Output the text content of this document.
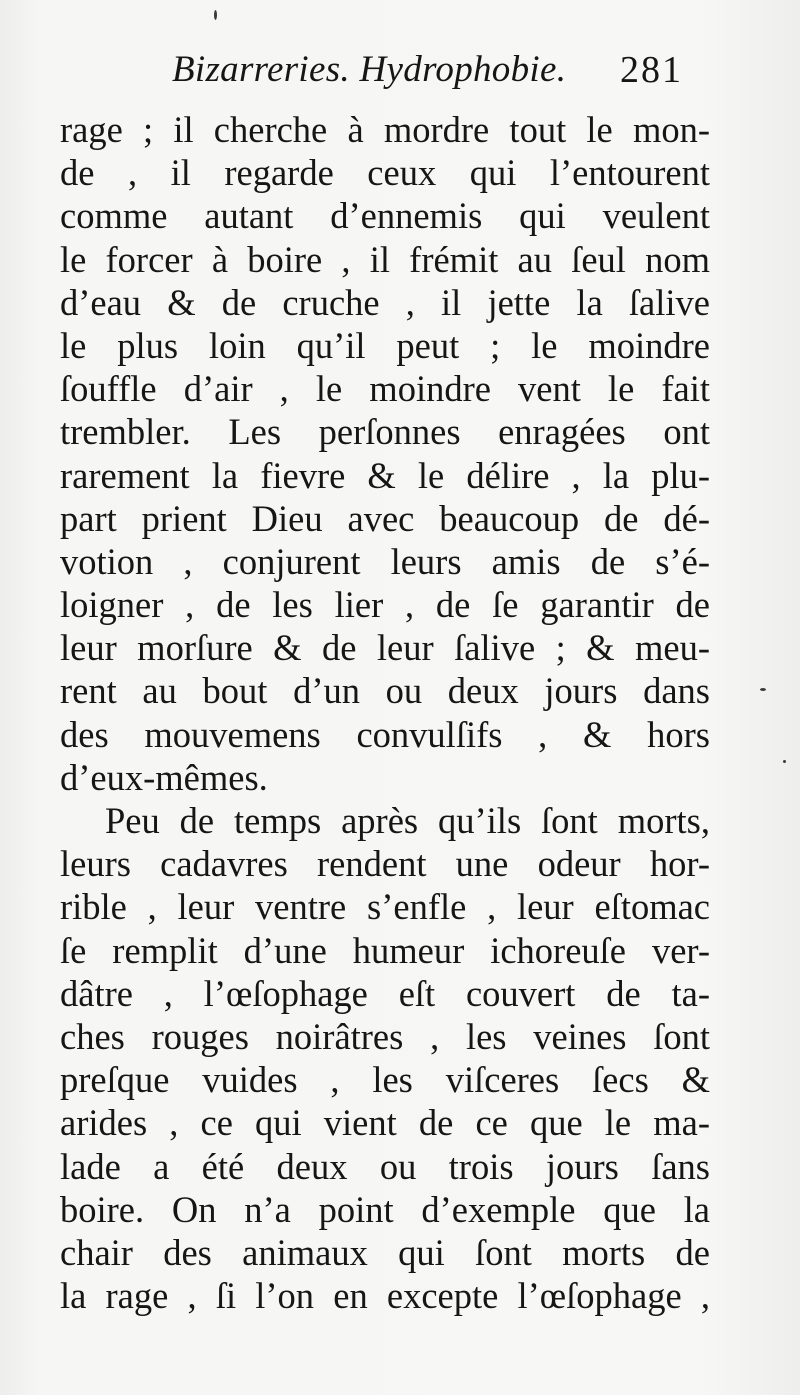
Bizarreries. Hydrophobie. 281
rage ; il cherche à mordre tout le mon-
de , il regarde ceux qui l’entourent
comme autant d’ennemis qui veulent
le forcer à boire , il frémit au ſeul nom
d’eau & de cruche , il jette la ſalive
le plus loin qu’il peut ; le moindre
ſouffle d’air , le moindre vent le fait
trembler. Les perſonnes enragées ont
rarement la fievre & le délire , la plu-
part prient Dieu avec beaucoup de dé-
votion , conjurent leurs amis de s’é-
loigner , de les lier , de ſe garantir de
leur morſure & de leur ſalive ; & meu-
rent au bout d’un ou deux jours dans
des mouvemens convulſifs , & hors
d’eux-mêmes.
Peu de temps après qu’ils ſont morts,
leurs cadavres rendent une odeur hor-
rible , leur ventre s’enfle , leur eſtomac
ſe remplit d’une humeur ichoreuſe ver-
dâtre , l’œſophage eſt couvert de ta-
ches rouges noirâtres , les veines ſont
preſque vuides , les viſceres ſecs &
arides , ce qui vient de ce que le ma-
lade a été deux ou trois jours ſans
boire. On n’a point d’exemple que la
chair des animaux qui ſont morts de
la rage , ſi l’on en excepte l’œſophage ,
